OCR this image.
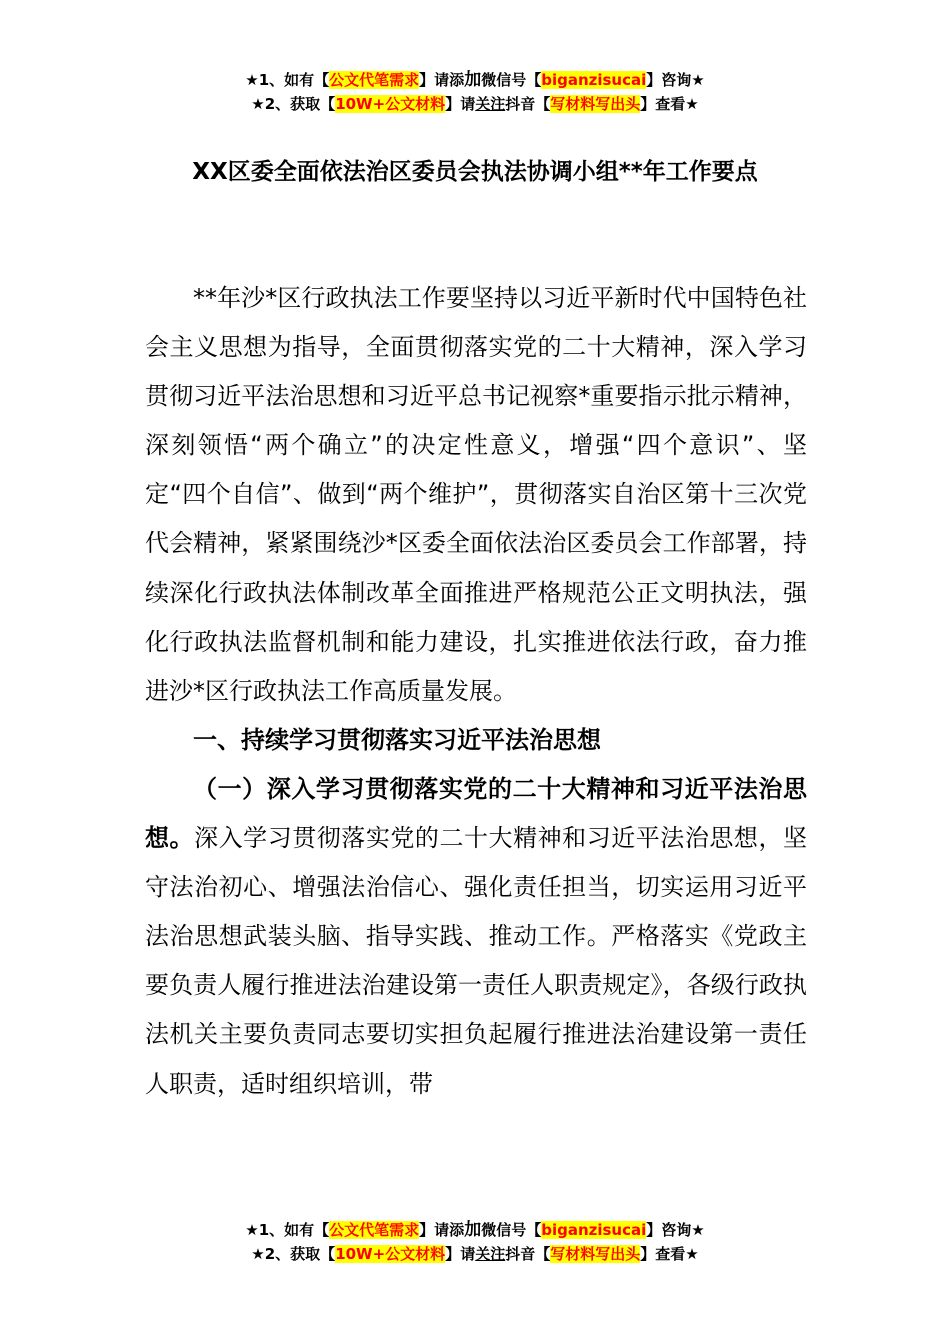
★1、如有【公文代笔需求】请添加微信号【biganzisucai】咨询★
★2、获取【10W+公文材料】请关注抖音【写材料写出头】查看★
XX区委全面依法治区委员会执法协调小组**年工作要点

**年沙*区行政执法工作要坚持以习近平新时代中国特色社会主义思想为指导，全面贯彻落实党的二十大精神，深入学习贯彻习近平法治思想和习近平总书记视察*重要指示批示精神，深刻领悟“两个确立”的决定性意义，增强“四个意识”、坚定“四个自信”、做到“两个维护”，贯彻落实自治区第十三次党代会精神，紧紧围绕沙*区委全面依法治区委员会工作部署，持续深化行政执法体制改革全面推进严格规范公正文明执法，强化行政执法监督机制和能力建设，扎实推进依法行政，奋力推进沙*区行政执法工作高质量发展。

一、持续学习贯彻落实习近平法治思想

（一）深入学习贯彻落实党的二十大精神和习近平法治思想。深入学习贯彻落实党的二十大精神和习近平法治思想，坚守法治初心、增强法治信心、强化责任担当，切实运用习近平法治思想武装头脑、指导实践、推动工作。严格落实《党政主要负责人履行推进法治建设第一责任人职责规定》，各级行政执法机关主要负责同志要切实担负起履行推进法治建设第一责任人职责，适时组织培训，带

★1、如有【公文代笔需求】请添加微信号【biganzisucai】咨询★
★2、获取【10W+公文材料】请关注抖音【写材料写出头】查看★
